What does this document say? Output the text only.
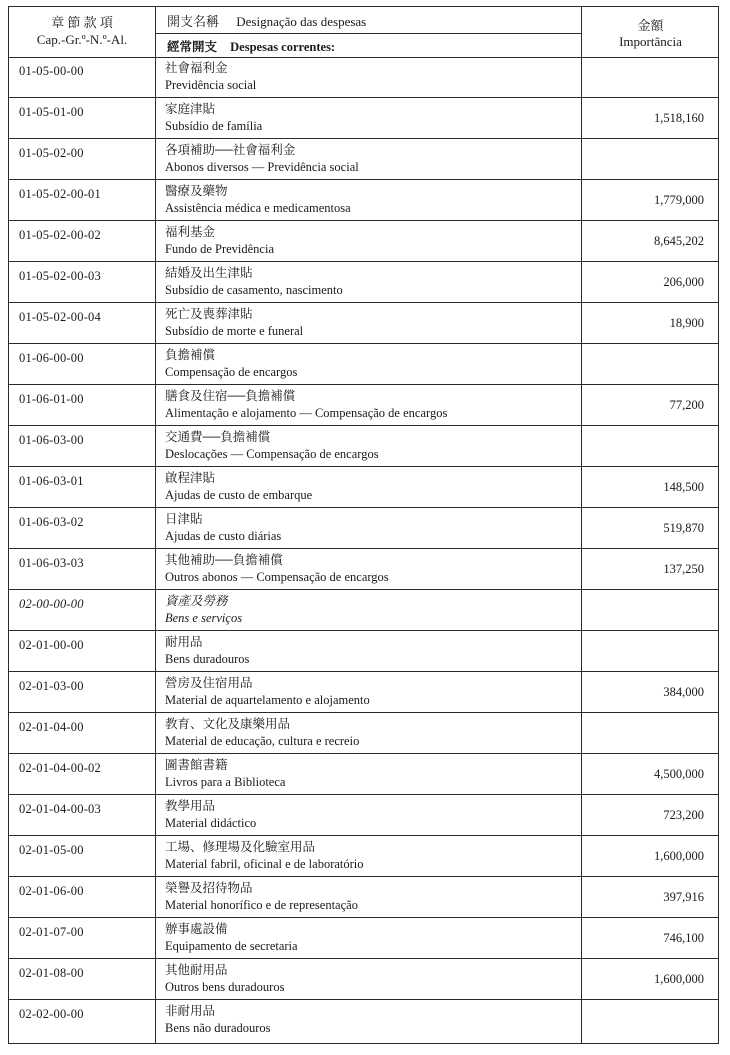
章 節 款 項
Cap.-Gr.º-N.º-Al.
開支名稱 Designação das despesas
經常開支 Despesas correntes:
金額
Importância
01-05-00-00	社會福利金
Previdência social
01-05-01-00	家庭津貼
Subsídio de família
1,518,160
01-05-02-00	各項補助──社會福利金
Abonos diversos — Previdência social
01-05-02-00-01	醫療及藥物
Assistência médica e medicamentosa
1,779,000
01-05-02-00-02	福利基金
Fundo de Previdência
8,645,202
01-05-02-00-03	結婚及出生津貼
Subsídio de casamento, nascimento
206,000
01-05-02-00-04	死亡及喪葬津貼
Subsídio de morte e funeral
18,900
01-06-00-00	負擔補償
Compensação de encargos
01-06-01-00	膳食及住宿──負擔補償
Alimentação e alojamento — Compensação de encargos
77,200
01-06-03-00	交通費──負擔補償
Deslocações — Compensação de encargos
01-06-03-01	啟程津貼
Ajudas de custo de embarque
148,500
01-06-03-02	日津貼
Ajudas de custo diárias
519,870
01-06-03-03	其他補助──負擔補償
Outros abonos — Compensação de encargos
137,250
02-00-00-00	資產及勞務
Bens e serviços
02-01-00-00	耐用品
Bens duradouros
02-01-03-00	營房及住宿用品
Material de aquartelamento e alojamento
384,000
02-01-04-00	教育、文化及康樂用品
Material de educação, cultura e recreio
02-01-04-00-02	圖書館書籍
Livros para a Biblioteca
4,500,000
02-01-04-00-03	教學用品
Material didáctico
723,200
02-01-05-00	工場、修理場及化驗室用品
Material fabril, oficinal e de laboratório
1,600,000
02-01-06-00	榮譽及招待物品
Material honorífico e de representação
397,916
02-01-07-00	辦事處設備
Equipamento de secretaria
746,100
02-01-08-00	其他耐用品
Outros bens duradouros
1,600,000
02-02-00-00	非耐用品
Bens não duradouros
